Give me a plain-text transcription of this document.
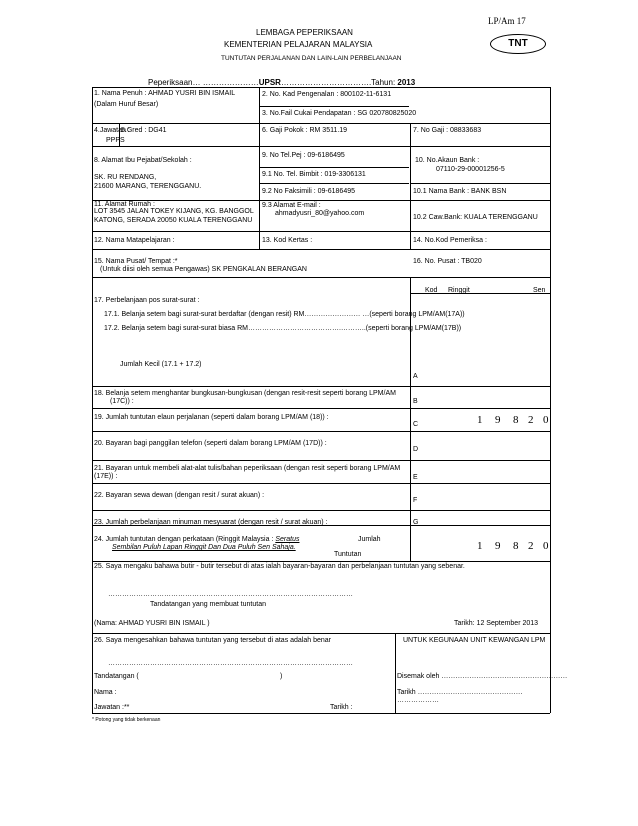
LP/Am 17
LEMBAGA PEPERIKSAAN
KEMENTERIAN PELAJARAN MALAYSIA	TNT
TUNTUTAN PERJALANAN DAN LAIN-LAIN PERBELANJAAN
Peperiksaan… …………………UPSR…………………………….Tahun: 2013
1. Nama Penuh : AHMAD YUSRI BIN ISMAIL
(Dalam Huruf Besar)
2. No. Kad Pengenalan : 800102-11-6131
3. No.Fail Cukai Pendapatan : SG 020780825020
4.Jawatan :
PPPS
5.Gred : DG41	6. Gaji Pokok : RM 3511.19	7. No Gaji : 08833683
8. Alamat Ibu Pejabat/Sekolah :
SK. RU RENDANG,
21600 MARANG, TERENGGANU.
9. No Tel.Pej : 09-6186495
9.1 No. Tel. Bimbit : 019-3306131
9.2 No Faksimili : 09-6186495
10. No.Akaun Bank :
07110-29-00001256-5
10.1 Nama Bank : BANK BSN
11. Alamat Rumah :
LOT 3545 JALAN TOKEY KIJANG, KG. BANGGOL
KATONG, SERADA 20050 KUALA TERENGGANU
9.3 Alamat E-mail :
ahmadyusri_80@yahoo.com
10.2 Caw.Bank: KUALA TERENGGANU
12. Nama Matapelajaran :	13. Kod Kertas :	14. No.Kod Pemeriksa :
15. Nama Pusat/ Tempat :*
(Untuk diisi oleh semua Pengawas) SK PENGKALAN BERANGAN
16. No. Pusat : TB020
Kod Ringgit	Sen
17. Perbelanjaan pos surat-surat :
17.1. Belanja setem bagi surat-surat berdaftar (dengan resit) RM…………………… …(seperti borang LPM/AM(17A))
17.2. Belanja setem bagi surat-surat biasa RM………………………………….………..(seperti borang LPM/AM(17B))
Jumlah Kecil (17.1 + 17.2)
A
18. Belanja setem menghantar bungkusan-bungkusan (dengan resit-resit seperti borang LPM/AM
(17C)) :	B
19. Jumlah tuntutan elaun perjalanan (seperti dalam borang LPM/AM (18)) :
C	1 9 8 2 0
20. Bayaran bagi panggilan telefon (seperti dalam borang LPM/AM (17D)) :
D
21. Bayaran untuk membeli alat-alat tulis/bahan peperiksaan (dengan resit seperti borang LPM/AM
(17E)) :	E
22. Bayaran sewa dewan (dengan resit / surat akuan) :
F
23. Jumlah perbelanjaan minuman mesyuarat (dengan resit / surat akuan) :	G
24. Jumlah tuntutan dengan perkataan (Ringgit Malaysia : Seratus	Jumlah
Sembilan Puluh Lapan Ringgit Dan Dua Puluh Sen Sahaja.
Tuntutan
1 9 8 2 0
25. Saya mengaku bahawa butir - butir tersebut di atas ialah bayaran-bayaran dan perbelanjaan tuntutan yang sebenar.
……………………………………………………………………………………………
Tandatangan yang membuat tuntutan
(Nama: AHMAD YUSRI BIN ISMAIL )	Tarikh: 12 September 2013
26. Saya mengesahkan bahawa tuntutan yang tersebut di atas adalah benar	UNTUK KEGUNAAN UNIT KEWANGAN LPM
……………………………………………………………………………………………
Tandatangan (	)	Disemak oleh ………………………………………………
Nama :	Tarikh ………………………………………
………………
Jawatan :**	Tarikh :
* Potong yang tidak berkenaan
